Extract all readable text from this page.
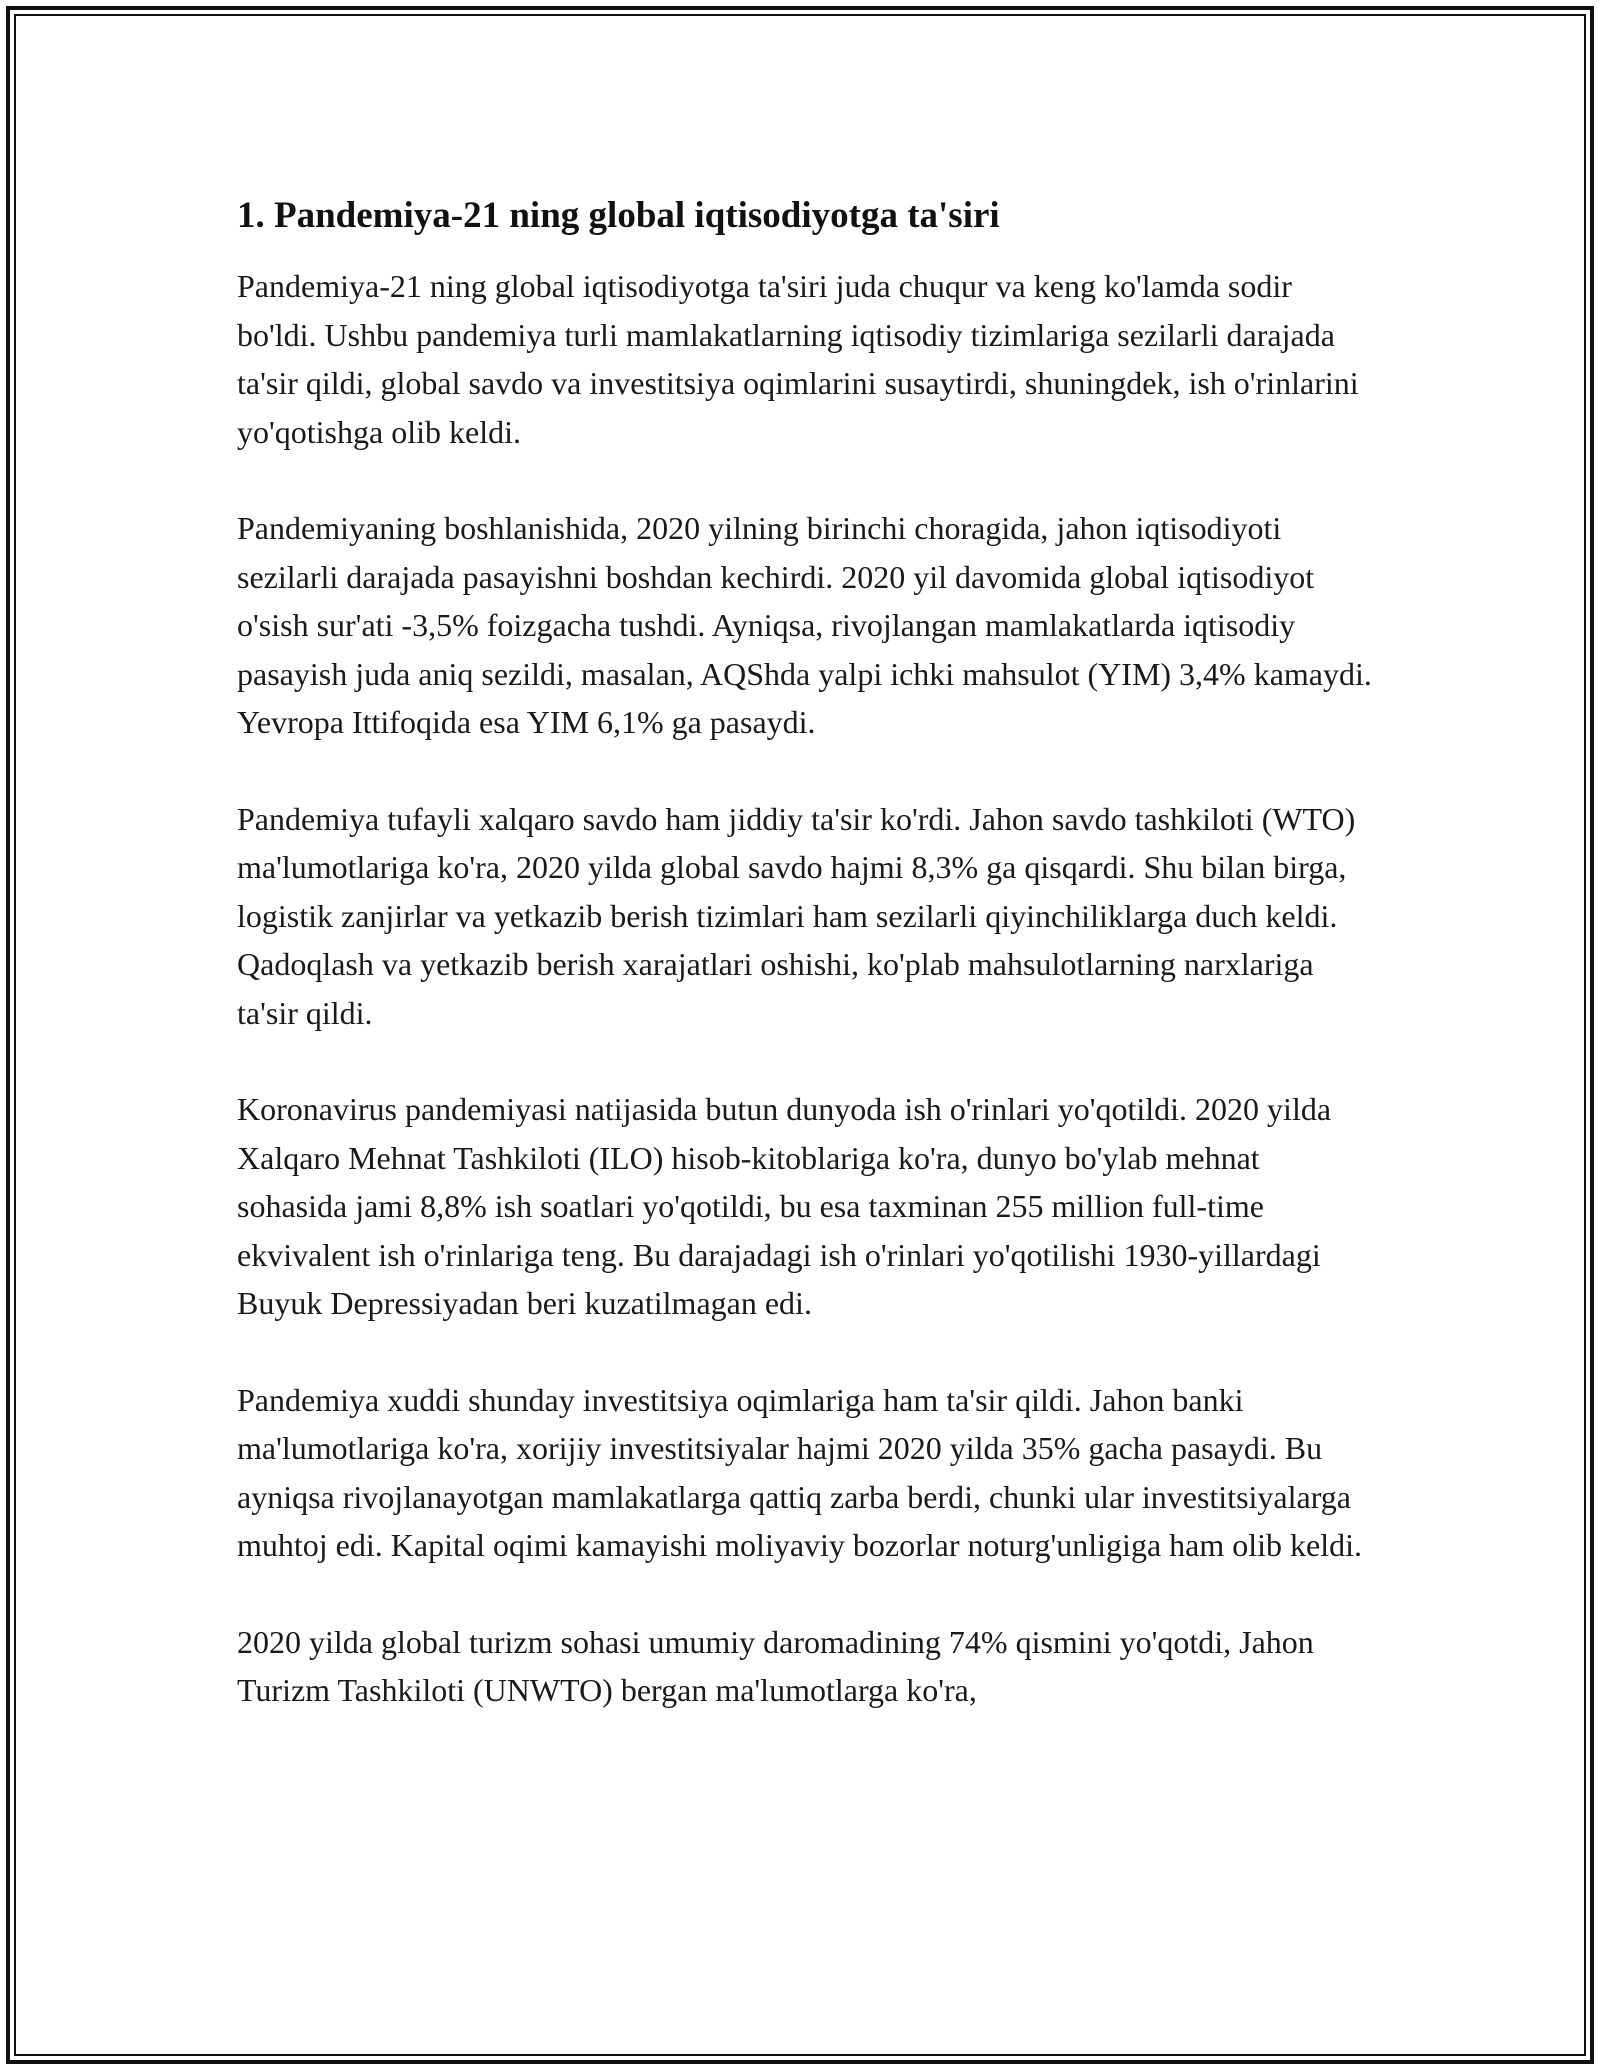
1. Pandemiya-21 ning global iqtisodiyotga ta'siri

Pandemiya-21 ning global iqtisodiyotga ta'siri juda chuqur va keng ko'lamda sodir bo'ldi. Ushbu pandemiya turli mamlakatlarning iqtisodiy tizimlariga sezilarli darajada ta'sir qildi, global savdo va investitsiya oqimlarini susaytirdi, shuningdek, ish o'rinlarini yo'qotishga olib keldi.

Pandemiyaning boshlanishida, 2020 yilning birinchi choragida, jahon iqtisodiyoti sezilarli darajada pasayishni boshdan kechirdi. 2020 yil davomida global iqtisodiyot o'sish sur'ati -3,5% foizgacha tushdi. Ayniqsa, rivojlangan mamlakatlarda iqtisodiy pasayish juda aniq sezildi, masalan, AQShda yalpi ichki mahsulot (YIM) 3,4% kamaydi. Yevropa Ittifoqida esa YIM 6,1% ga pasaydi.

Pandemiya tufayli xalqaro savdo ham jiddiy ta'sir ko'rdi. Jahon savdo tashkiloti (WTO) ma'lumotlariga ko'ra, 2020 yilda global savdo hajmi 8,3% ga qisqardi. Shu bilan birga, logistik zanjirlar va yetkazib berish tizimlari ham sezilarli qiyinchiliklarga duch keldi. Qadoqlash va yetkazib berish xarajatlari oshishi, ko'plab mahsulotlarning narxlariga ta'sir qildi.

Koronavirus pandemiyasi natijasida butun dunyoda ish o'rinlari yo'qotildi. 2020 yilda Xalqaro Mehnat Tashkiloti (ILO) hisob-kitoblariga ko'ra, dunyo bo'ylab mehnat sohasida jami 8,8% ish soatlari yo'qotildi, bu esa taxminan 255 million full-time ekvivalent ish o'rinlariga teng. Bu darajadagi ish o'rinlari yo'qotilishi 1930-yillardagi Buyuk Depressiyadan beri kuzatilmagan edi.

Pandemiya xuddi shunday investitsiya oqimlariga ham ta'sir qildi. Jahon banki ma'lumotlariga ko'ra, xorijiy investitsiyalar hajmi 2020 yilda 35% gacha pasaydi. Bu ayniqsa rivojlanayotgan mamlakatlarga qattiq zarba berdi, chunki ular investitsiyalarga muhtoj edi. Kapital oqimi kamayishi moliyaviy bozorlar noturg'unligiga ham olib keldi.

2020 yilda global turizm sohasi umumiy daromadining 74% qismini yo'qotdi, Jahon Turizm Tashkiloti (UNWTO) bergan ma'lumotlarga ko'ra,
